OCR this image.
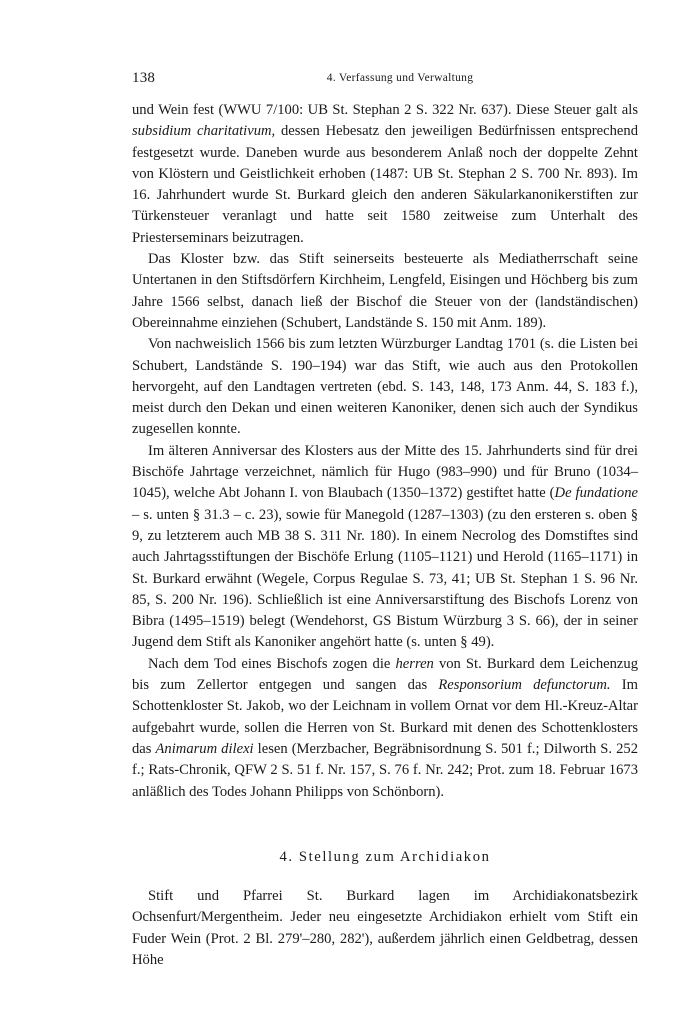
138	4. Verfassung und Verwaltung

und Wein fest (WWU 7/100: UB St. Stephan 2 S. 322 Nr. 637). Diese Steuer galt als subsidium charitativum, dessen Hebesatz den jeweiligen Bedürfnissen entsprechend festgesetzt wurde. Daneben wurde aus besonderem Anlaß noch der doppelte Zehnt von Klöstern und Geistlichkeit erhoben (1487: UB St. Stephan 2 S. 700 Nr. 893). Im 16. Jahrhundert wurde St. Burkard gleich den anderen Säkularkanonikerstiften zur Türkensteuer veranlagt und hatte seit 1580 zeitweise zum Unterhalt des Priesterseminars beizutragen.

Das Kloster bzw. das Stift seinerseits besteuerte als Mediatherrschaft seine Untertanen in den Stiftsdörfern Kirchheim, Lengfeld, Eisingen und Höchberg bis zum Jahre 1566 selbst, danach ließ der Bischof die Steuer von der (landständischen) Obereinnahme einziehen (Schubert, Landstände S. 150 mit Anm. 189).

Von nachweislich 1566 bis zum letzten Würzburger Landtag 1701 (s. die Listen bei Schubert, Landstände S. 190–194) war das Stift, wie auch aus den Protokollen hervorgeht, auf den Landtagen vertreten (ebd. S. 143, 148, 173 Anm. 44, S. 183 f.), meist durch den Dekan und einen weiteren Kanoniker, denen sich auch der Syndikus zugesellen konnte.

Im älteren Anniversar des Klosters aus der Mitte des 15. Jahrhunderts sind für drei Bischöfe Jahrtage verzeichnet, nämlich für Hugo (983–990) und für Bruno (1034–1045), welche Abt Johann I. von Blaubach (1350–1372) gestiftet hatte (De fundatione – s. unten § 31.3 – c. 23), sowie für Manegold (1287–1303) (zu den ersteren s. oben § 9, zu letzterem auch MB 38 S. 311 Nr. 180). In einem Necrolog des Domstiftes sind auch Jahrtagsstiftungen der Bischöfe Erlung (1105–1121) und Herold (1165–1171) in St. Burkard erwähnt (Wegele, Corpus Regulae S. 73, 41; UB St. Stephan 1 S. 96 Nr. 85, S. 200 Nr. 196). Schließlich ist eine Anniversarstiftung des Bischofs Lorenz von Bibra (1495–1519) belegt (Wendehorst, GS Bistum Würzburg 3 S. 66), der in seiner Jugend dem Stift als Kanoniker angehört hatte (s. unten § 49).

Nach dem Tod eines Bischofs zogen die herren von St. Burkard dem Leichenzug bis zum Zellertor entgegen und sangen das Responsorium defunctorum. Im Schottenkloster St. Jakob, wo der Leichnam in vollem Ornat vor dem Hl.-Kreuz-Altar aufgebahrt wurde, sollen die Herren von St. Burkard mit denen des Schottenklosters das Animarum dilexi lesen (Merzbacher, Begräbnisordnung S. 501 f.; Dilworth S. 252 f.; Rats-Chronik, QFW 2 S. 51 f. Nr. 157, S. 76 f. Nr. 242; Prot. zum 18. Februar 1673 anläßlich des Todes Johann Philipps von Schönborn).

4. Stellung zum Archidiakon

Stift und Pfarrei St. Burkard lagen im Archidiakonatsbezirk Ochsenfurt/Mergentheim. Jeder neu eingesetzte Archidiakon erhielt vom Stift ein Fuder Wein (Prot. 2 Bl. 279'–280, 282'), außerdem jährlich einen Geldbetrag, dessen Höhe
